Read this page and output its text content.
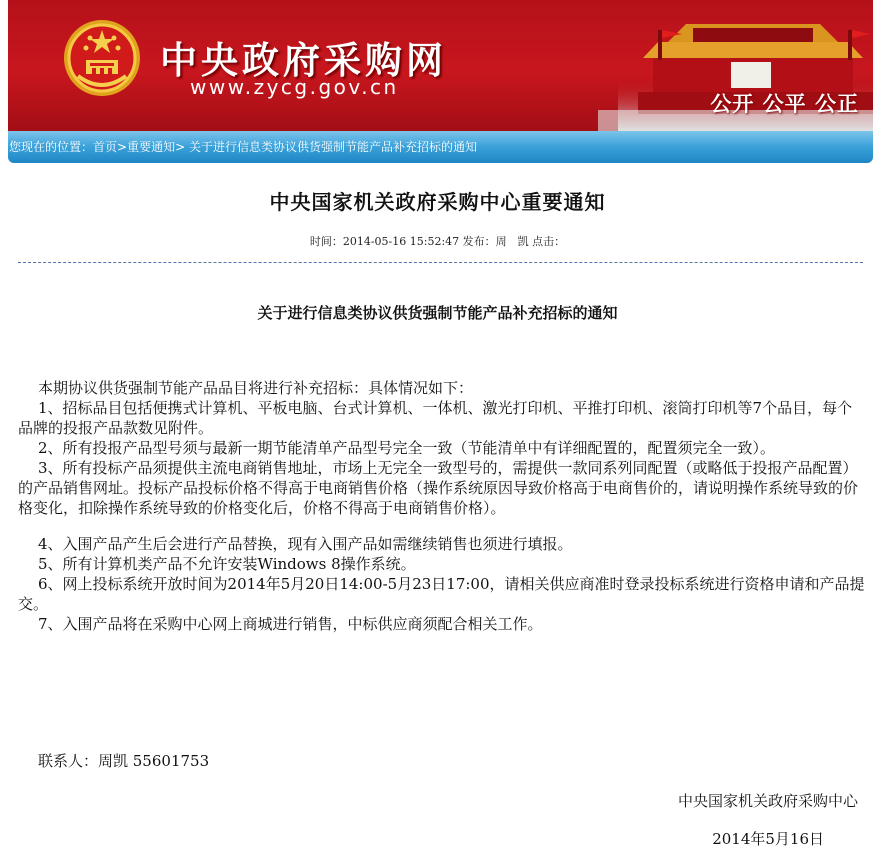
中央政府采购网
www.zycg.gov.cn
公开 公平 公正
您现在的位置：首页>重要通知> 关于进行信息类协议供货强制节能产品补充招标的通知
中央国家机关政府采购中心重要通知
时间：2014-05-16 15:52:47 发布：周　凯 点击：
关于进行信息类协议供货强制节能产品补充招标的通知

本期协议供货强制节能产品品目将进行补充招标：具体情况如下：

1、招标品目包括便携式计算机、平板电脑、台式计算机、一体机、激光打印机、平推打印机、滚筒打印机等7个品目，每个品牌的投报产品款数见附件。

2、所有投报产品型号须与最新一期节能清单产品型号完全一致（节能清单中有详细配置的，配置须完全一致）。

3、所有投标产品须提供主流电商销售地址，市场上无完全一致型号的，需提供一款同系列同配置（或略低于投报产品配置）的产品销售网址。投标产品投标价格不得高于电商销售价格（操作系统原因导致价格高于电商售价的，请说明操作系统导致的价格变化，扣除操作系统导致的价格变化后，价格不得高于电商销售价格）。

4、入围产品产生后会进行产品替换，现有入围产品如需继续销售也须进行填报。

5、所有计算机类产品不允许安装Windows 8操作系统。

6、网上投标系统开放时间为2014年5月20日14:00-5月23日17:00，请相关供应商准时登录投标系统进行资格申请和产品提交。

7、入围产品将在采购中心网上商城进行销售，中标供应商须配合相关工作。

联系人：周凯 55601753
中央国家机关政府采购中心
2014年5月16日
